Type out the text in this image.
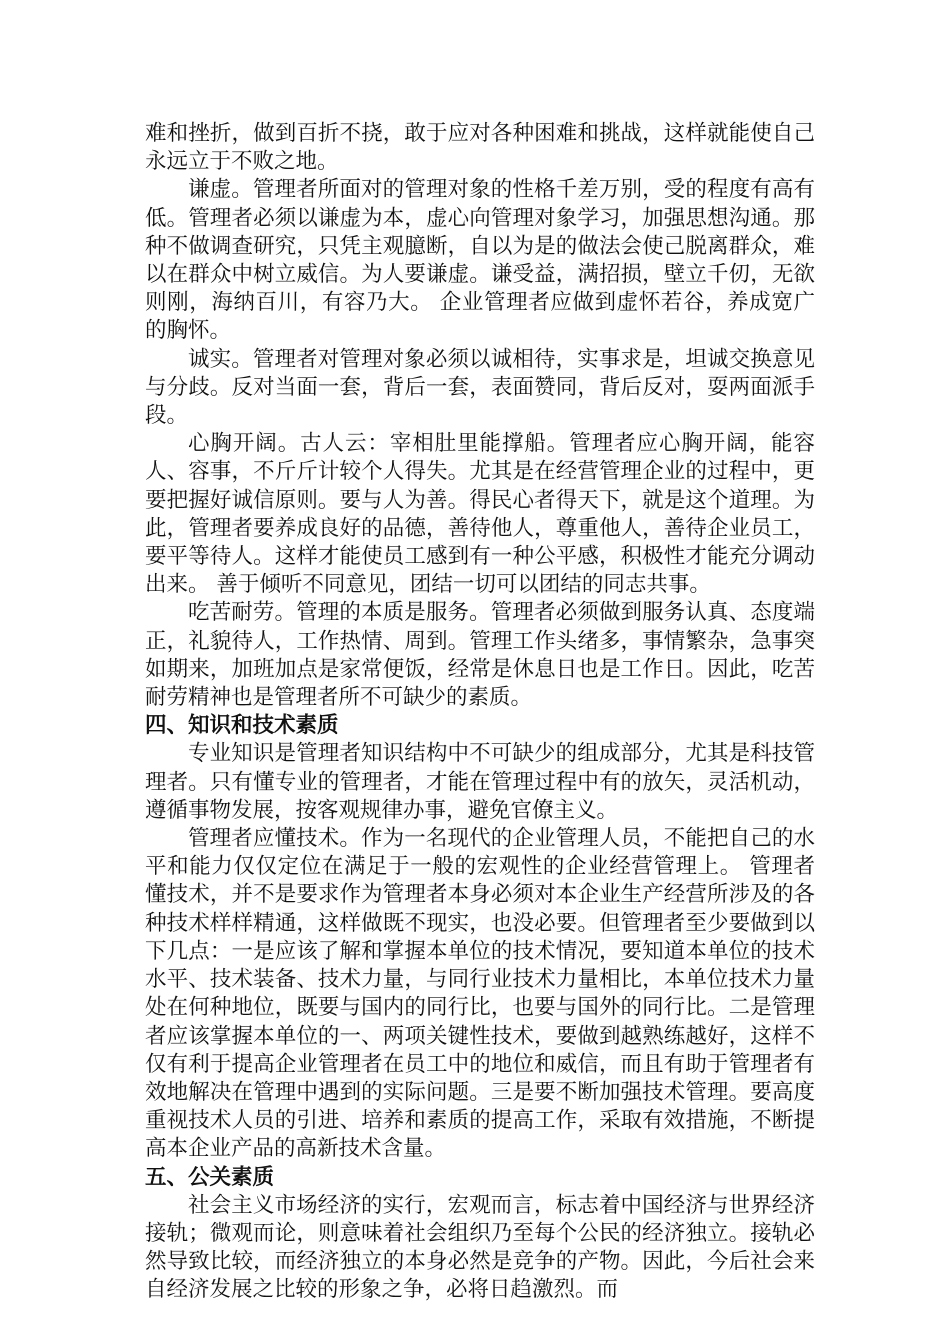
难和挫折，做到百折不挠，敢于应对各种困难和挑战，这样就能使自己永远立于不败之地。

谦虚。管理者所面对的管理对象的性格千差万别，受的程度有高有低。管理者必须以谦虚为本，虚心向管理对象学习，加强思想沟通。那种不做调查研究，只凭主观臆断，自以为是的做法会使己脱离群众，难以在群众中树立威信。为人要谦虚。谦受益，满招损，壁立千仞，无欲则刚，海纳百川，有容乃大。 企业管理者应做到虚怀若谷，养成宽广的胸怀。

诚实。管理者对管理对象必须以诚相待，实事求是，坦诚交换意见与分歧。反对当面一套，背后一套，表面赞同，背后反对，耍两面派手段。

心胸开阔。古人云：宰相肚里能撑船。管理者应心胸开阔，能容人、容事，不斤斤计较个人得失。尤其是在经营管理企业的过程中，更要把握好诚信原则。要与人为善。得民心者得天下，就是这个道理。为此，管理者要养成良好的品德，善待他人，尊重他人，善待企业员工，要平等待人。这样才能使员工感到有一种公平感，积极性才能充分调动出来。 善于倾听不同意见，团结一切可以团结的同志共事。

吃苦耐劳。管理的本质是服务。管理者必须做到服务认真、态度端正，礼貌待人，工作热情、周到。管理工作头绪多，事情繁杂，急事突如期来，加班加点是家常便饭，经常是休息日也是工作日。因此，吃苦耐劳精神也是管理者所不可缺少的素质。

四、知识和技术素质

专业知识是管理者知识结构中不可缺少的组成部分，尤其是科技管理者。只有懂专业的管理者，才能在管理过程中有的放矢，灵活机动，遵循事物发展，按客观规律办事，避免官僚主义。

管理者应懂技术。作为一名现代的企业管理人员，不能把自己的水平和能力仅仅定位在满足于一般的宏观性的企业经营管理上。 管理者懂技术，并不是要求作为管理者本身必须对本企业生产经营所涉及的各种技术样样精通，这样做既不现实，也没必要。但管理者至少要做到以下几点：一是应该了解和掌握本单位的技术情况，要知道本单位的技术水平、技术装备、技术力量，与同行业技术力量相比，本单位技术力量处在何种地位，既要与国内的同行比，也要与国外的同行比。二是管理者应该掌握本单位的一、两项关键性技术，要做到越熟练越好，这样不仅有利于提高企业管理者在员工中的地位和威信，而且有助于管理者有效地解决在管理中遇到的实际问题。三是要不断加强技术管理。要高度重视技术人员的引进、培养和素质的提高工作，采取有效措施，不断提高本企业产品的高新技术含量。

五、公关素质

社会主义市场经济的实行，宏观而言，标志着中国经济与世界经济接轨；微观而论，则意味着社会组织乃至每个公民的经济独立。接轨必然导致比较，而经济独立的本身必然是竞争的产物。因此，今后社会来自经济发展之比较的形象之争，必将日趋激烈。而
